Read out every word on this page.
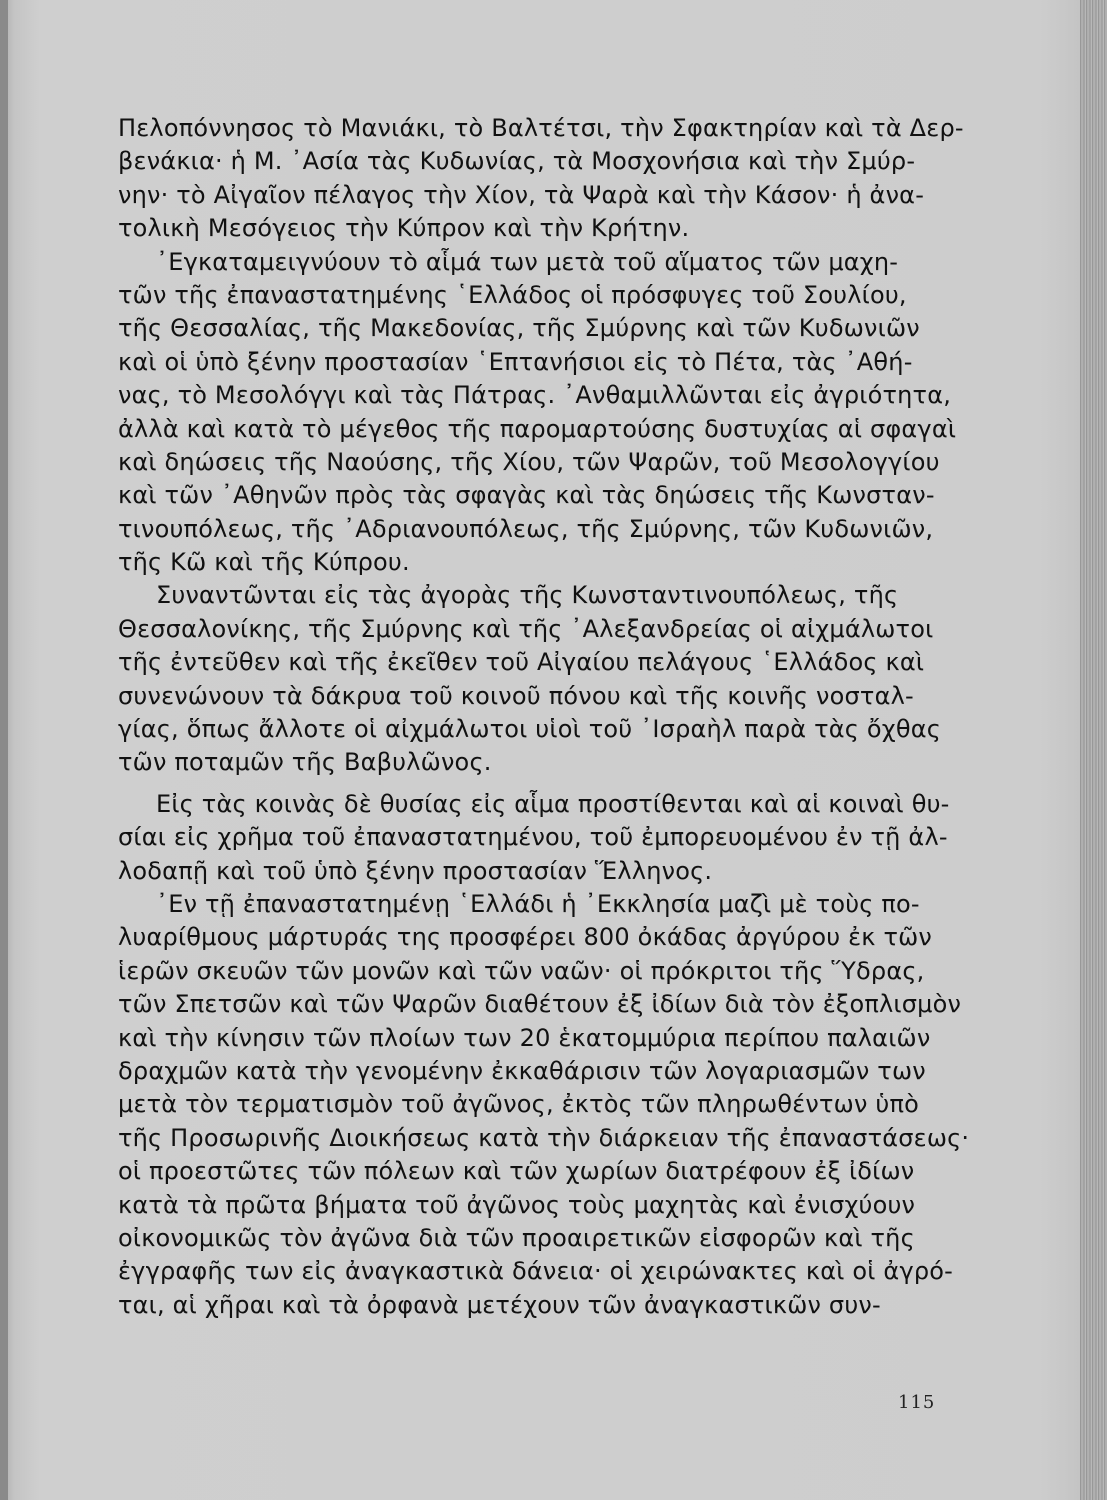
Πελοπόννησος τὸ Μανιάκι, τὸ Βαλτέτσι, τὴν Σφακτηρίαν καὶ τὰ Δερ-
βενάκια· ἡ Μ. ᾿Ασία τὰς Κυδωνίας, τὰ Μοσχονήσια καὶ τὴν Σμύρ-
νην· τὸ Αἰγαῖον πέλαγος τὴν Χίον, τὰ Ψαρὰ καὶ τὴν Κάσον· ἡ ἀνα-
τολικὴ Μεσόγειος τὴν Κύπρον καὶ τὴν Κρήτην.
᾿Εγκαταμειγνύουν τὸ αἷμά των μετὰ τοῦ αἵματος τῶν μαχη-
τῶν τῆς ἐπαναστατημένης ῾Ελλάδος οἱ πρόσφυγες τοῦ Σουλίου,
τῆς Θεσσαλίας, τῆς Μακεδονίας, τῆς Σμύρνης καὶ τῶν Κυδωνιῶν
καὶ οἱ ὑπὸ ξένην προστασίαν ῾Επτανήσιοι εἰς τὸ Πέτα, τὰς ᾿Αθή-
νας, τὸ Μεσολόγγι καὶ τὰς Πάτρας. ᾿Ανθαμιλλῶνται εἰς ἀγριότητα,
ἀλλὰ καὶ κατὰ τὸ μέγεθος τῆς παρομαρτούσης δυστυχίας αἱ σφαγαὶ
καὶ δηώσεις τῆς Ναούσης, τῆς Χίου, τῶν Ψαρῶν, τοῦ Μεσολογγίου
καὶ τῶν ᾿Αθηνῶν πρὸς τὰς σφαγὰς καὶ τὰς δηώσεις τῆς Κωνσταν-
τινουπόλεως, τῆς ᾿Αδριανουπόλεως, τῆς Σμύρνης, τῶν Κυδωνιῶν,
τῆς Κῶ καὶ τῆς Κύπρου.
Συναντῶνται εἰς τὰς ἀγορὰς τῆς Κωνσταντινουπόλεως, τῆς
Θεσσαλονίκης, τῆς Σμύρνης καὶ τῆς ᾿Αλεξανδρείας οἱ αἰχμάλωτοι
τῆς ἐντεῦθεν καὶ τῆς ἐκεῖθεν τοῦ Αἰγαίου πελάγους ῾Ελλάδος καὶ
συνενώνουν τὰ δάκρυα τοῦ κοινοῦ πόνου καὶ τῆς κοινῆς νοσταλ-
γίας, ὅπως ἄλλοτε οἱ αἰχμάλωτοι υἱοὶ τοῦ ᾿Ισραὴλ παρὰ τὰς ὄχθας
τῶν ποταμῶν τῆς Βαβυλῶνος.
Εἰς τὰς κοινὰς δὲ θυσίας εἰς αἷμα προστίθενται καὶ αἱ κοιναὶ θυ-
σίαι εἰς χρῆμα τοῦ ἐπαναστατημένου, τοῦ ἐμπορευομένου ἐν τῇ ἀλ-
λοδαπῇ καὶ τοῦ ὑπὸ ξένην προστασίαν Ἕλληνος.
᾿Εν τῇ ἐπαναστατημένῃ ῾Ελλάδι ἡ ᾿Εκκλησία μαζὶ μὲ τοὺς πο-
λυαρίθμους μάρτυράς της προσφέρει 800 ὀκάδας ἀργύρου ἐκ τῶν
ἱερῶν σκευῶν τῶν μονῶν καὶ τῶν ναῶν· οἱ πρόκριτοι τῆς Ὕδρας,
τῶν Σπετσῶν καὶ τῶν Ψαρῶν διαθέτουν ἐξ ἰδίων διὰ τὸν ἐξοπλισμὸν
καὶ τὴν κίνησιν τῶν πλοίων των 20 ἑκατομμύρια περίπου παλαιῶν
δραχμῶν κατὰ τὴν γενομένην ἐκκαθάρισιν τῶν λογαριασμῶν των
μετὰ τὸν τερματισμὸν τοῦ ἀγῶνος, ἐκτὸς τῶν πληρωθέντων ὑπὸ
τῆς Προσωρινῆς Διοικήσεως κατὰ τὴν διάρκειαν τῆς ἐπαναστάσεως·
οἱ προεστῶτες τῶν πόλεων καὶ τῶν χωρίων διατρέφουν ἐξ ἰδίων
κατὰ τὰ πρῶτα βήματα τοῦ ἀγῶνος τοὺς μαχητὰς καὶ ἐνισχύουν
οἰκονομικῶς τὸν ἀγῶνα διὰ τῶν προαιρετικῶν εἰσφορῶν καὶ τῆς
ἐγγραφῆς των εἰς ἀναγκαστικὰ δάνεια· οἱ χειρώνακτες καὶ οἱ ἀγρό-
ται, αἱ χῆραι καὶ τὰ ὀρφανὰ μετέχουν τῶν ἀναγκαστικῶν συν-
115
